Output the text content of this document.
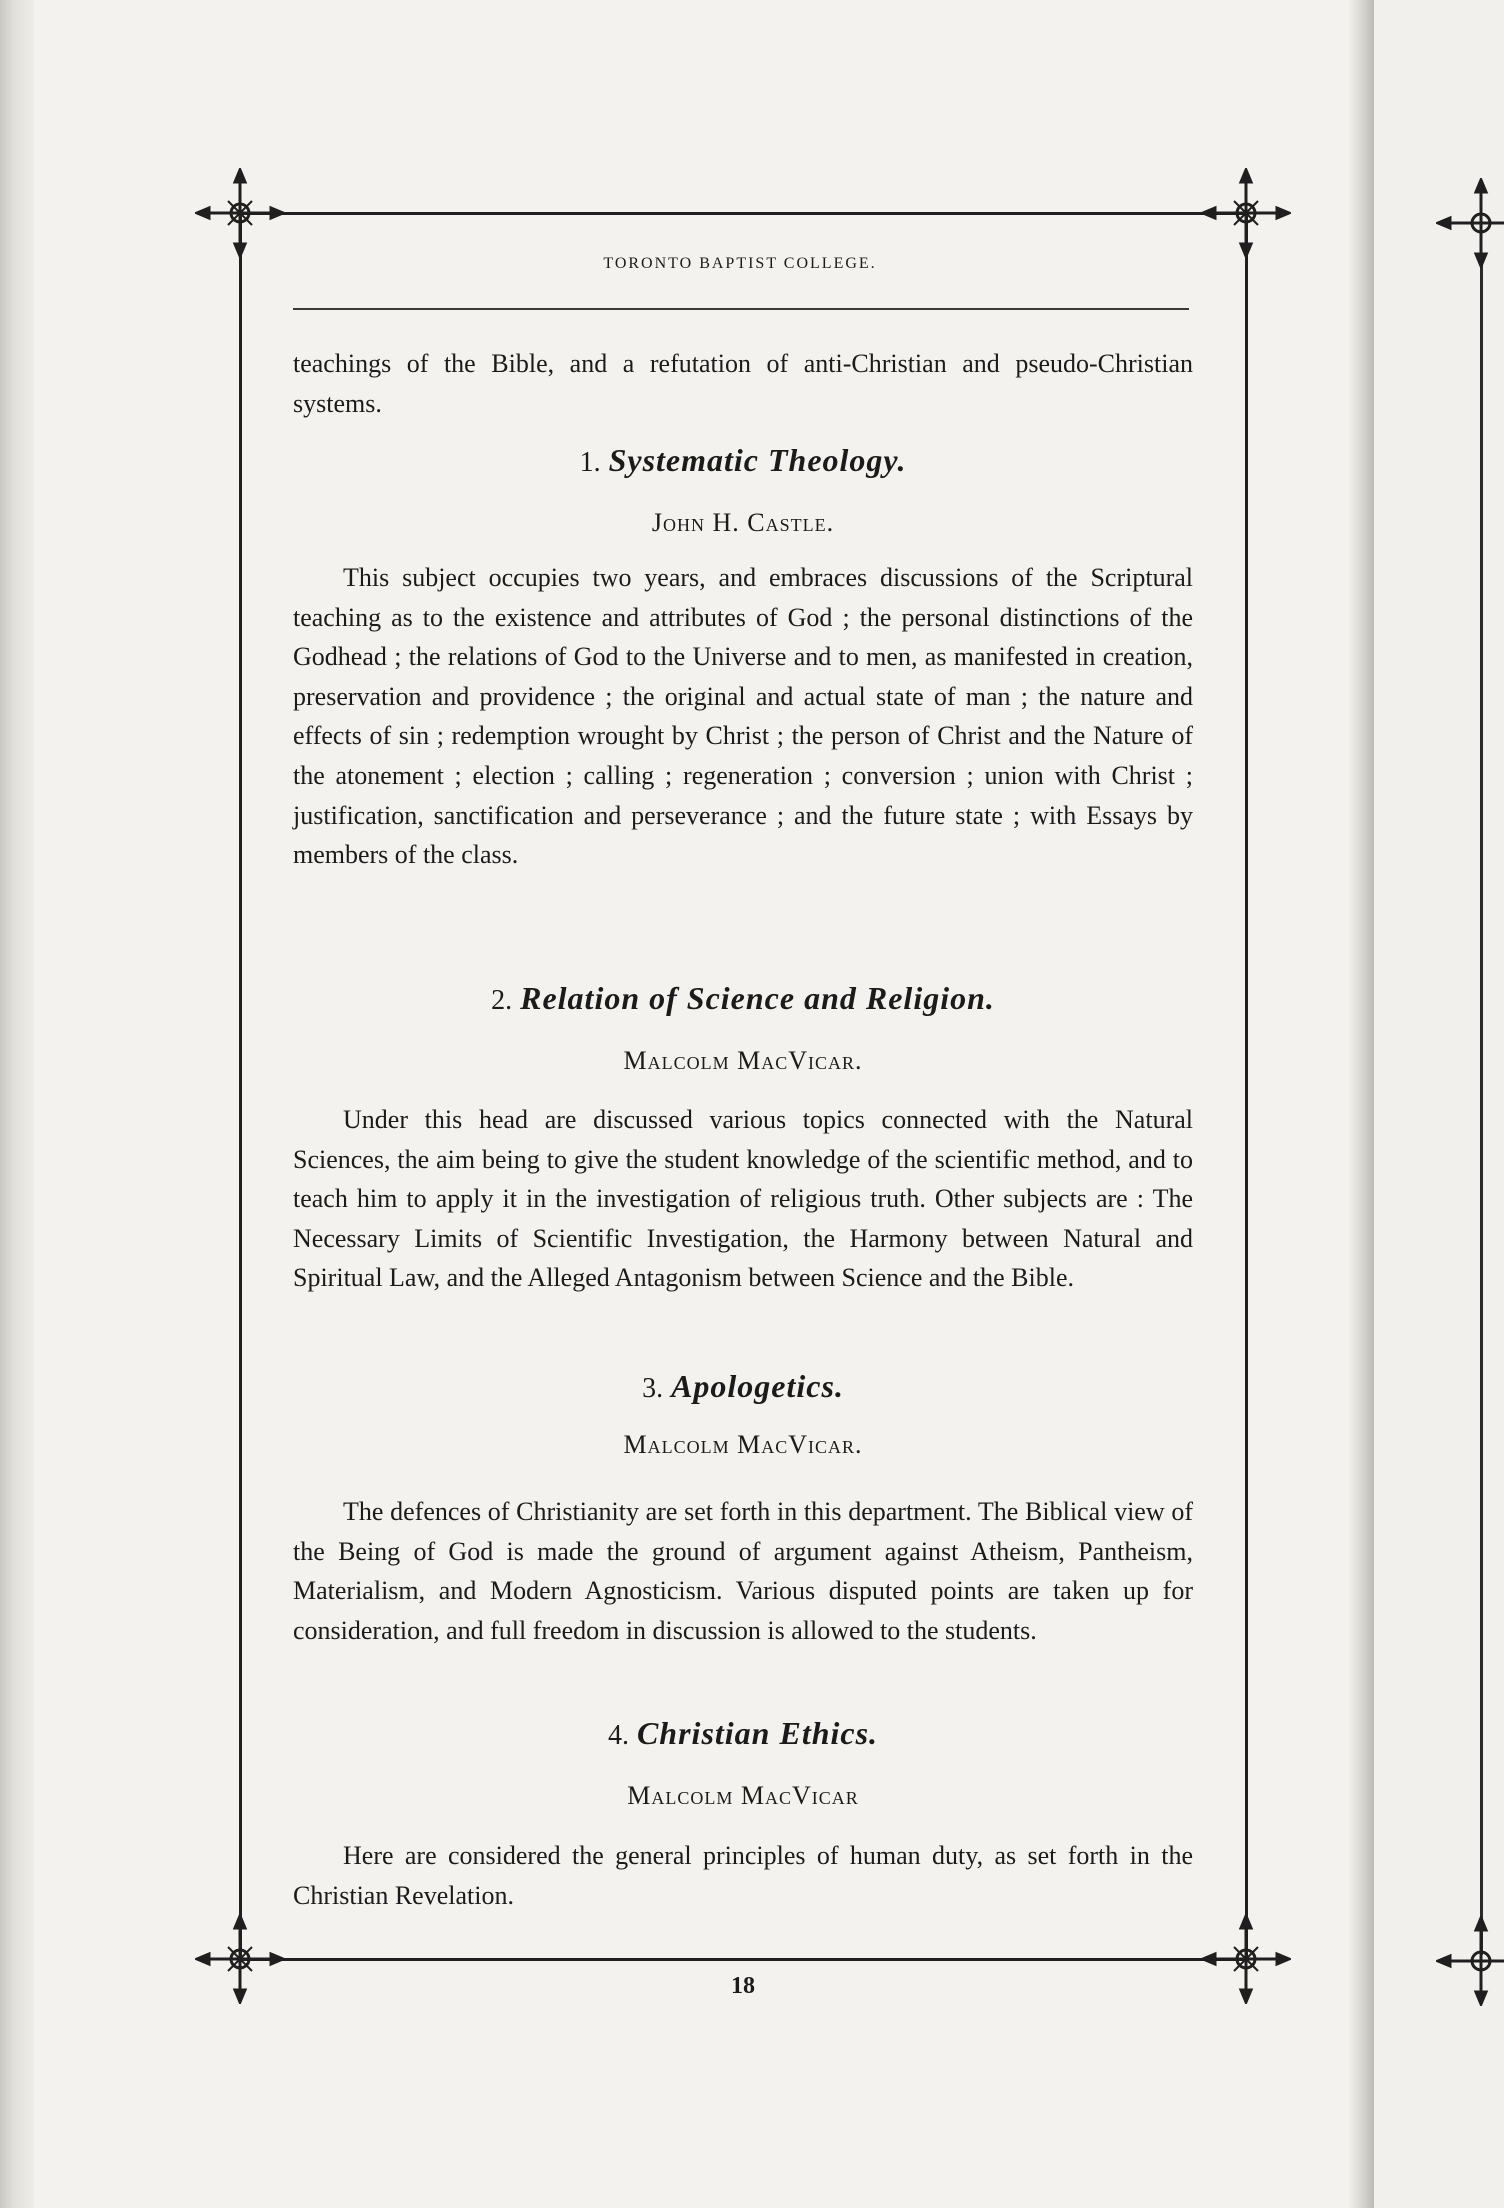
TORONTO BAPTIST COLLEGE.

teachings of the Bible, and a refutation of anti-Christian and pseudo-Christian systems.

1. Systematic Theology.

John H. Castle.

This subject occupies two years, and embraces discussions of the Scriptural teaching as to the existence and attributes of God ; the personal distinctions of the Godhead ; the relations of God to the Universe and to men, as manifested in creation, preservation and providence ; the original and actual state of man ; the nature and effects of sin ; redemption wrought by Christ ; the person of Christ and the Nature of the atonement ; election ; calling ; regeneration ; conversion ; union with Christ ; justification, sanctification and perseverance ; and the future state ; with Essays by members of the class.

2. Relation of Science and Religion.

Malcolm MacVicar.

Under this head are discussed various topics connected with the Natural Sciences, the aim being to give the student knowledge of the scientific method, and to teach him to apply it in the investigation of religious truth. Other subjects are : The Necessary Limits of Scientific Investigation, the Harmony between Natural and Spiritual Law, and the Alleged Antagonism between Science and the Bible.

3. Apologetics.

Malcolm MacVicar.

The defences of Christianity are set forth in this department. The Biblical view of the Being of God is made the ground of argument against Atheism, Pantheism, Materialism, and Modern Agnosticism. Various disputed points are taken up for consideration, and full freedom in discussion is allowed to the students.

4. Christian Ethics.

Malcolm MacVicar

Here are considered the general principles of human duty, as set forth in the Christian Revelation.

18
